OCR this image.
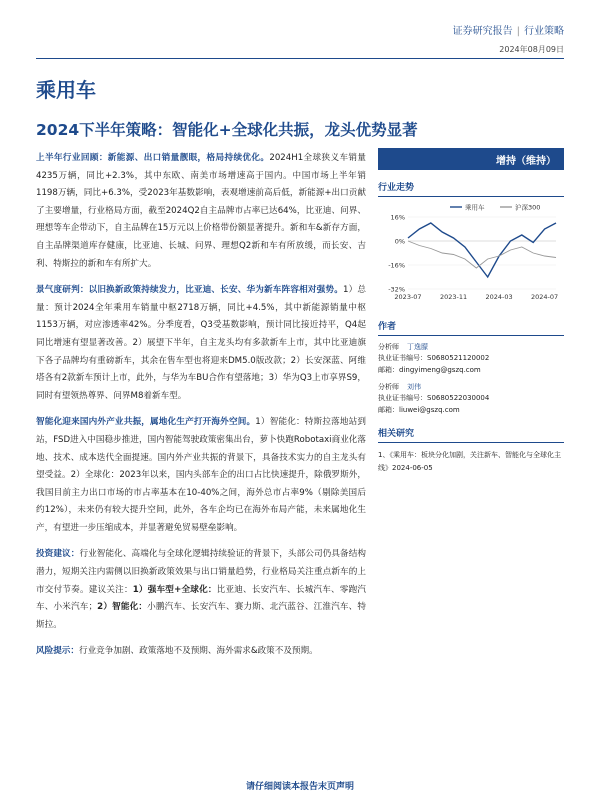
证券研究报告 | 行业策略
2024年08月09日
乘用车
2024下半年策略：智能化+全球化共振，龙头优势显著

上半年行业回顾：新能源、出口销量靓眼，格局持续优化。2024H1全球狭义车销量4235万辆，同比+2.3%，其中东欧、南美市场增速高于国内。中国市场上半年销1198万辆，同比+6.3%，受2023年基数影响，表观增速前高后低，新能源+出口贡献了主要增量，行业格局方面，截至2024Q2自主品牌市占率已达64%，比亚迪、问界、理想等车企带动下，自主品牌在15万元以上价格带份额显著提升。新和车&新存方面，自主品牌渠道库存健康，比亚迪、长城、问界、理想Q2新和车有所放缓，而长安、吉利、特斯拉的新和车有所扩大。

景气度研判：以旧换新政策持续发力，比亚迪、长安、华为新车阵容相对强势。1）总量：预计2024全年乘用车销量中枢2718万辆，同比+4.5%，其中新能源销量中枢1153万辆，对应渗透率42%。分季度看，Q3受基数影响，预计同比接近持平，Q4起同比增速有望显著改善。2）展望下半年，自主龙头均有多款新车上市，其中比亚迪旗下各子品牌均有重磅新车，其余在售车型也将迎来DM5.0版改款；2）长安深蓝、阿维塔各有2款新车预计上市，此外，与华为车BU合作有望落地；3）华为Q3上市享界S9，同时有望领热尊界、问界M8着新车型。

智能化迎来国内外产业共振，属地化生产打开海外空间。1）智能化：特斯拉落地站到站，FSD进入中国稳步推进，国内智能驾驶政策密集出台，萝卜快跑Robotaxi商业化落地、技术、成本迭代全面提速。国内外产业共振的背景下，具备技术实力的自主龙头有望受益。2）全球化：2023年以来，国内头部车企的出口占比快速提升，除俄罗斯外，我国目前主力出口市场的市占率基本在10-40%之间，海外总市占率9%（剔除美国后约12%），未来仍有较大提升空间，此外，各车企均已在海外布局产能，未来属地化生产，有望进一步压缩成本，并显著避免贸易壁垒影响。

投资建议：行业智能化、高端化与全球化逻辑持续验证的背景下，头部公司仍具备结构潜力，短期关注内需侧以旧换新政策效果与出口销量趋势，行业格局关注重点新车的上市交付节奏。建议关注：1）强车型+全球化：比亚迪、长安汽车、长城汽车、零跑汽车、小米汽车；2）智能化：小鹏汽车、长安汽车、赛力斯、北汽蓝谷、江淮汽车、特斯拉。

风险提示：行业竞争加剧、政策落地不及预期、海外需求&政策不及预期。

增持（维持）
行业走势
16%
0%
-16%
-32%
2023-07	2023-11	2024-03	2024-07
乘用车	沪深300
作者
分析师 丁逸朦
执业证书编号：S0680521120002
邮箱：dingyimeng@gszq.com
分析师 刘伟
执业证书编号：S0680522030004
邮箱：liuwei@gszq.com
相关研究
1、《乘用车：板块分化加剧，关注新车、智能化与全球化主线》2024-06-05
请仔细阅读本报告末页声明
